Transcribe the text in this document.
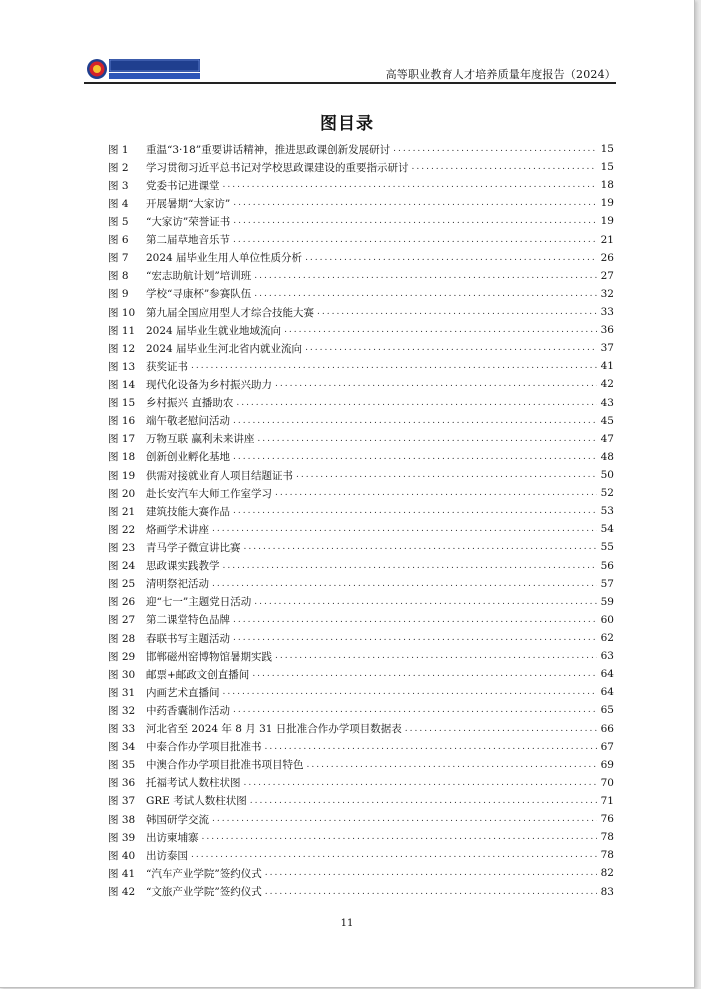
高等职业教育人才培养质量年度报告（2024）
图目录
图 1	重温“3·18”重要讲话精神，推进思政课创新发展研讨 .....	15
图 2	学习贯彻习近平总书记对学校思政课建设的重要指示研讨 .....	15
图 3	党委书记进课堂 .....	18
图 4	开展暑期“大家访” .....	19
图 5	“大家访”荣誉证书 .....	19
图 6	第二届草地音乐节 .....	21
图 7	2024 届毕业生用人单位性质分析 .....	26
图 8	“宏志助航计划”培训班 .....	27
图 9	学校“寻康杯”参赛队伍 .....	32
图 10	第九届全国应用型人才综合技能大赛 .....	33
图 11	2024 届毕业生就业地域流向 .....	36
图 12	2024 届毕业生河北省内就业流向 .....	37
图 13	获奖证书 .....	41
图 14	现代化设备为乡村振兴助力 .....	42
图 15	乡村振兴 直播助农 .....	43
图 16	端午敬老慰问活动 .....	45
图 17	万物互联 赢利未来讲座 .....	47
图 18	创新创业孵化基地 .....	48
图 19	供需对接就业育人项目结题证书 .....	50
图 20	赴长安汽车大师工作室学习 .....	52
图 21	建筑技能大赛作品 .....	53
图 22	烙画学术讲座 .....	54
图 23	青马学子微宣讲比赛 .....	55
图 24	思政课实践教学 .....	56
图 25	清明祭祀活动 .....	57
图 26	迎“七一”主题党日活动 .....	59
图 27	第二课堂特色品牌 .....	60
图 28	春联书写主题活动 .....	62
图 29	邯郸磁州窑博物馆暑期实践 .....	63
图 30	邮票+邮政文创直播间 .....	64
图 31	内画艺术直播间 .....	64
图 32	中药香囊制作活动 .....	65
图 33	河北省至 2024 年 8 月 31 日批准合作办学项目数据表 .....	66
图 34	中泰合作办学项目批准书 .....	67
图 35	中澳合作办学项目批准书项目特色 .....	69
图 36	托福考试人数柱状图 .....	70
图 37	GRE 考试人数柱状图 .....	71
图 38	韩国研学交流 .....	76
图 39	出访柬埔寨 .....	78
图 40	出访泰国 .....	78
图 41	“汽车产业学院”签约仪式 .....	82
图 42	“文旅产业学院”签约仪式 .....	83
11
